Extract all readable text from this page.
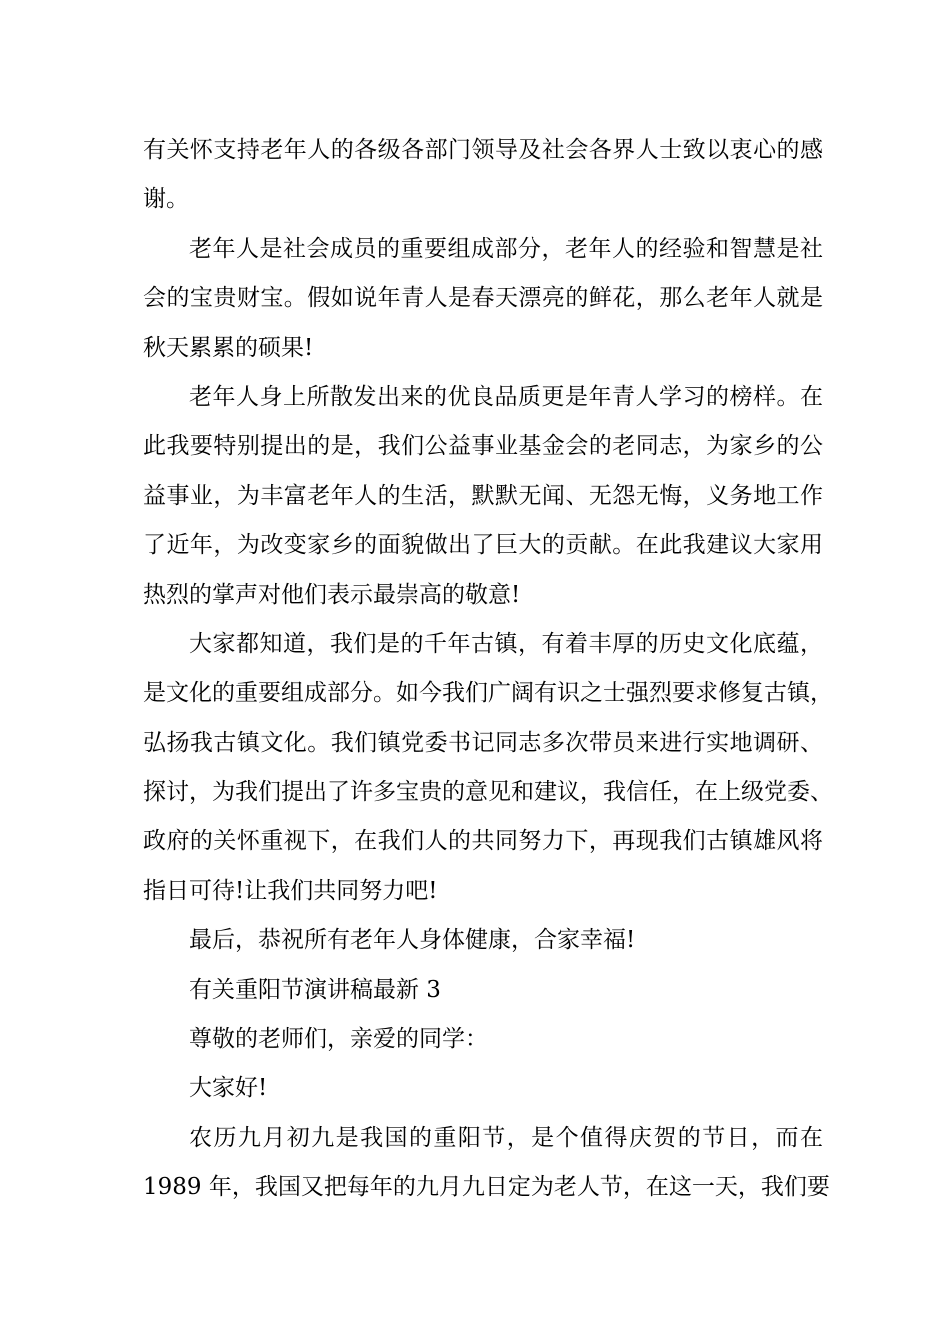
有关怀支持老年人的各级各部门领导及社会各界人士致以衷心的感
谢。
老年人是社会成员的重要组成部分，老年人的经验和智慧是社
会的宝贵财宝。假如说年青人是春天漂亮的鲜花，那么老年人就是
秋天累累的硕果!
老年人身上所散发出来的优良品质更是年青人学习的榜样。在
此我要特别提出的是，我们公益事业基金会的老同志，为家乡的公
益事业，为丰富老年人的生活，默默无闻、无怨无悔，义务地工作
了近年，为改变家乡的面貌做出了巨大的贡献。在此我建议大家用
热烈的掌声对他们表示最崇高的敬意!
大家都知道，我们是的千年古镇，有着丰厚的历史文化底蕴，
是文化的重要组成部分。如今我们广阔有识之士强烈要求修复古镇，
弘扬我古镇文化。我们镇党委书记同志多次带员来进行实地调研、
探讨，为我们提出了许多宝贵的意见和建议，我信任，在上级党委、
政府的关怀重视下，在我们人的共同努力下，再现我们古镇雄风将
指日可待!让我们共同努力吧!
最后，恭祝所有老年人身体健康，合家幸福!
有关重阳节演讲稿最新 3
尊敬的老师们，亲爱的同学：
大家好!
农历九月初九是我国的重阳节，是个值得庆贺的节日，而在
1989 年，我国又把每年的九月九日定为老人节，在这一天，我们要
